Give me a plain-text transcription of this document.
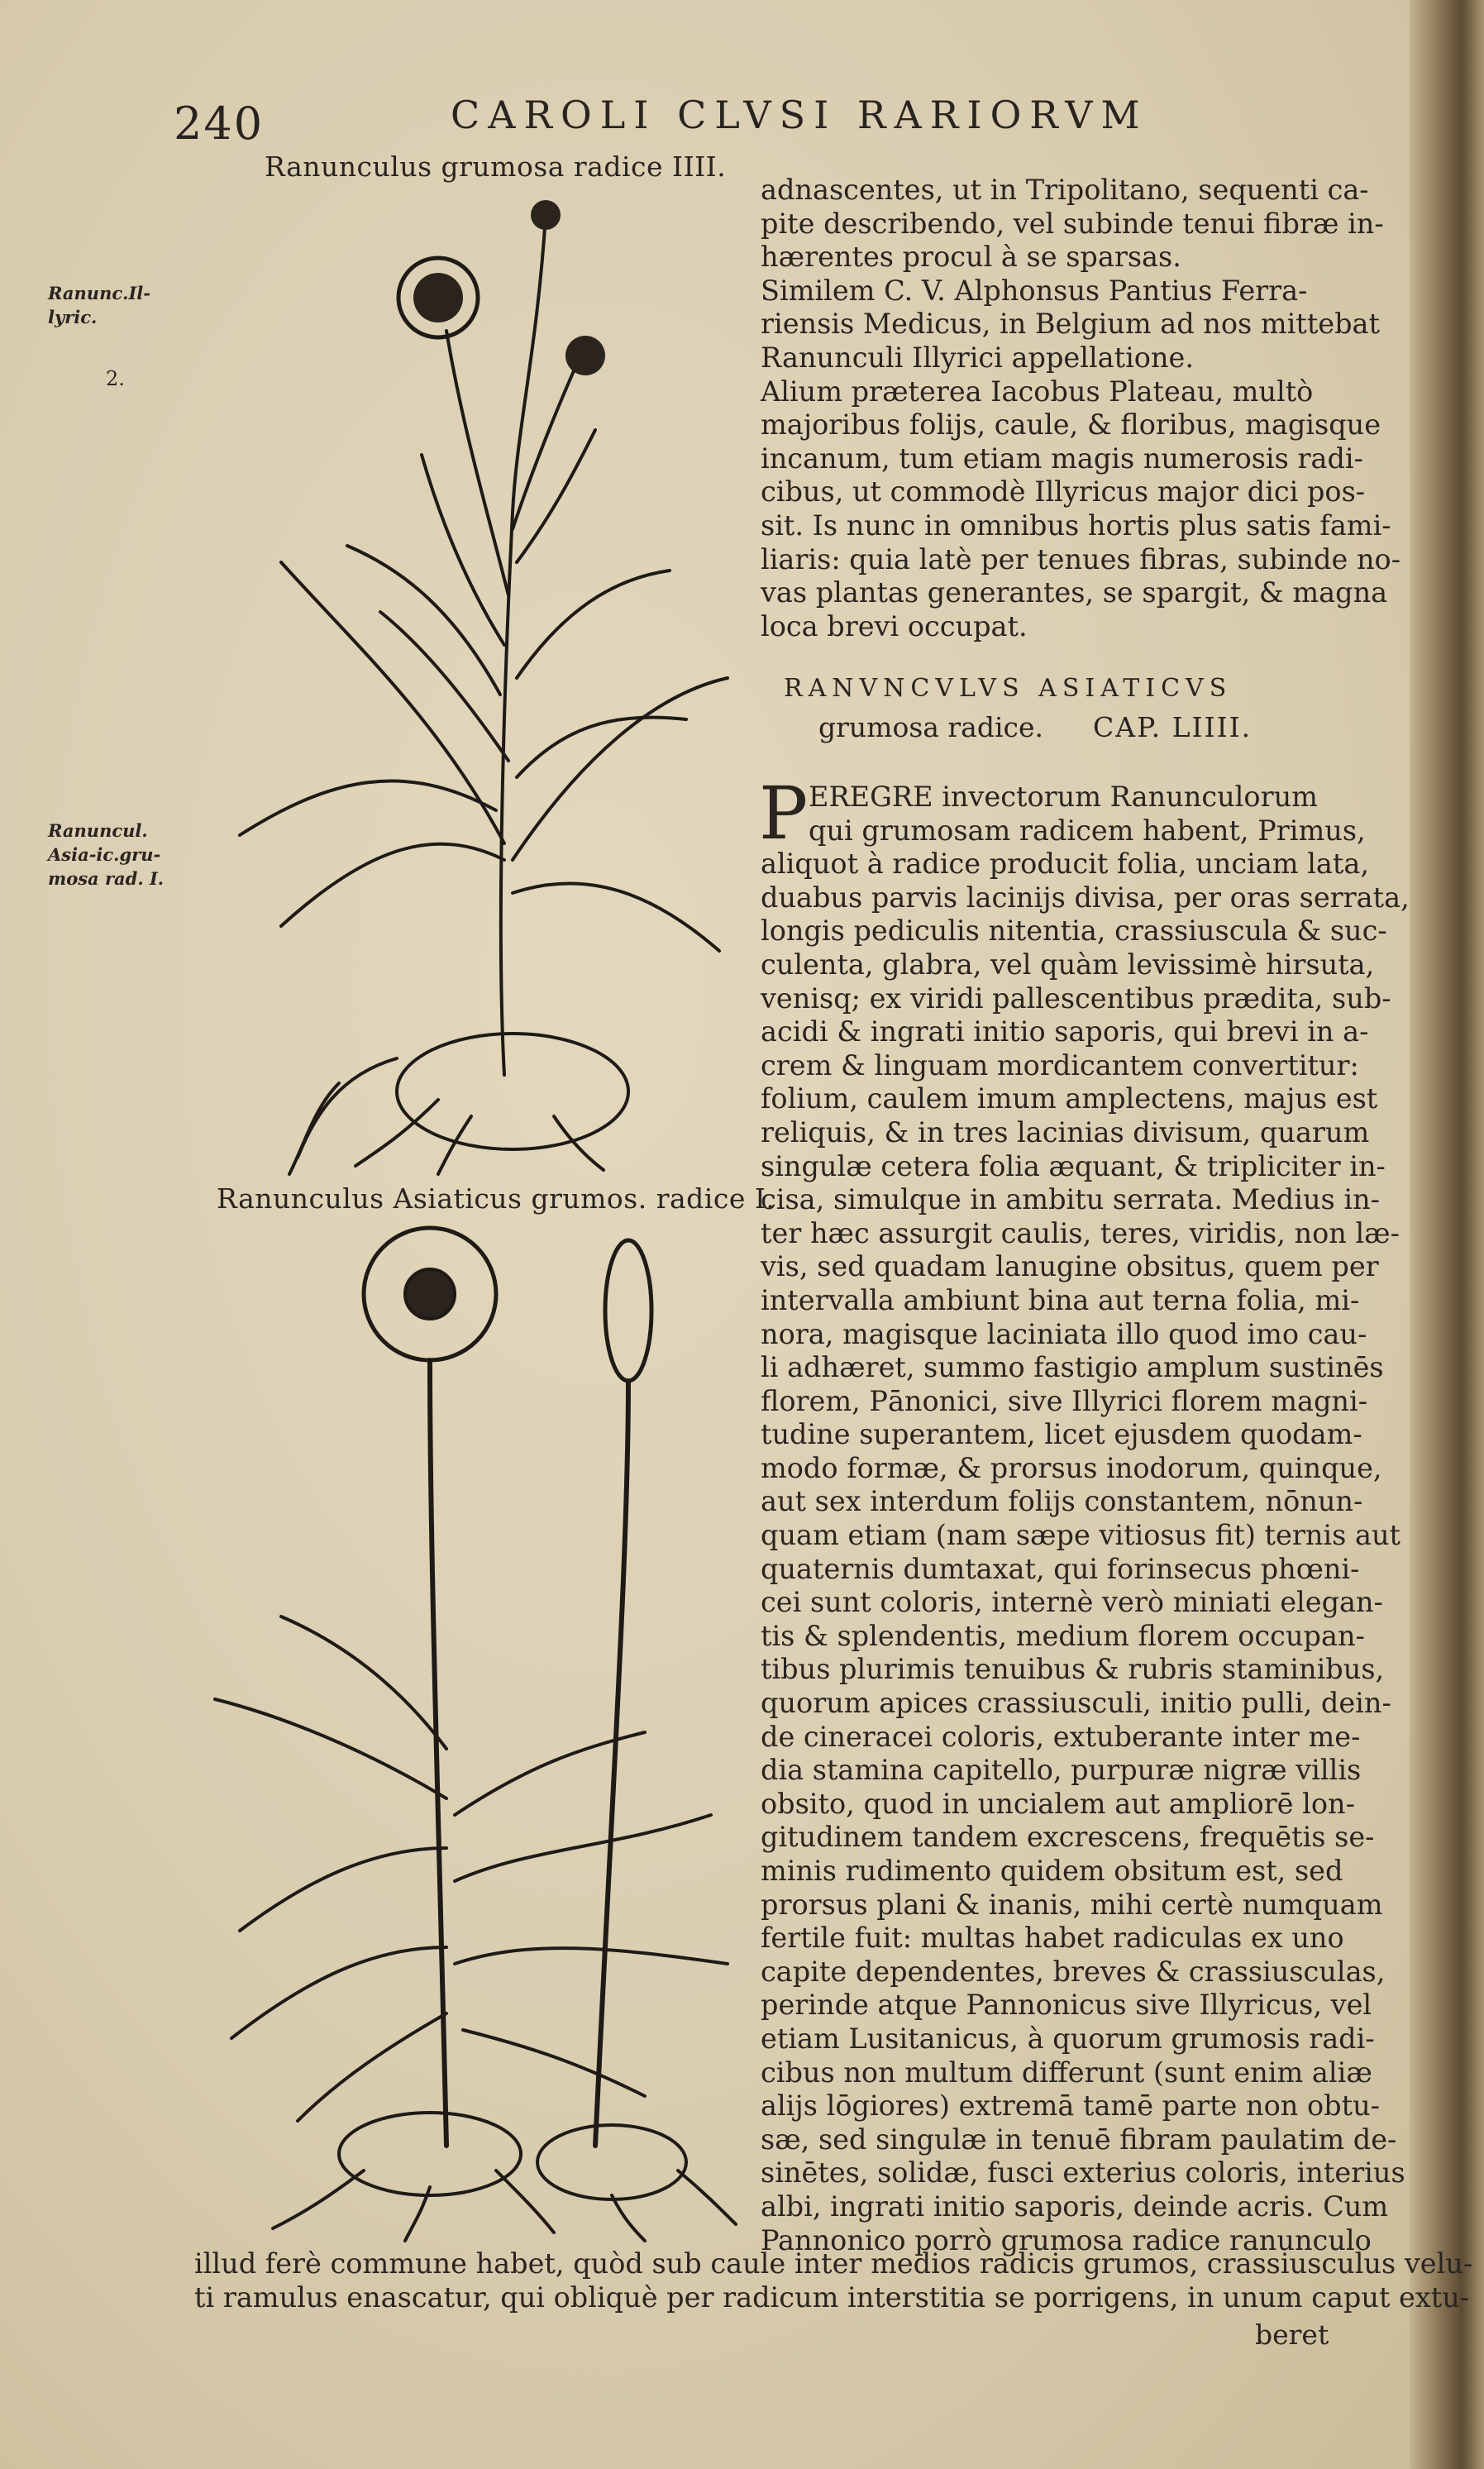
240	CAROLI CLVSI RARIORVM
Ranunculus grumosa radice IIII.
Ranunc.Il-
lyric.
2.
Ranuncul.
Asia-ic.gru-
mosa rad. I.
adnascentes, ut in Tripolitano, sequenti ca-
pite describendo, vel subinde tenui fibræ in-
hærentes procul à se sparsas.
Similem C. V. Alphonsus Pantius Ferra-
riensis Medicus, in Belgium ad nos mittebat
Ranunculi Illyrici appellatione.
Alium præterea Iacobus Plateau, multò
majoribus folijs, caule, & floribus, magisque
incanum, tum etiam magis numerosis radi-
cibus, ut commodè Illyricus major dici pos-
sit. Is nunc in omnibus hortis plus satis fami-
liaris: quia latè per tenues fibras, subinde no-
vas plantas generantes, se spargit, & magna
loca brevi occupat.
RANVNCVLVS ASIATICVS
grumosa radice. CAP. LIIII.
P EREGRE invectorum Ranunculorum
qui grumosam radicem habent, Primus,
aliquot à radice producit folia, unciam lata,
duabus parvis lacinijs divisa, per oras serrata,
longis pediculis nitentia, crassiuscula & suc-
culenta, glabra, vel quàm levissimè hirsuta,
venisq; ex viridi pallescentibus prædita, sub-
acidi & ingrati initio saporis, qui brevi in a-
crem & linguam mordicantem convertitur:
folium, caulem imum amplectens, majus est
reliquis, & in tres lacinias divisum, quarum
singulæ cetera folia æquant, & tripliciter in-
cisa, simulque in ambitu serrata. Medius in-
ter hæc assurgit caulis, teres, viridis, non læ-
vis, sed quadam lanugine obsitus, quem per
intervalla ambiunt bina aut terna folia, mi-
nora, magisque laciniata illo quod imo cau-
li adhæret, summo fastigio amplum sustinēs
florem, Pānonici, sive Illyrici florem magni-
tudine superantem, licet ejusdem quodam-
modo formæ, & prorsus inodorum, quinque,
aut sex interdum folijs constantem, nōnun-
quam etiam (nam sæpe vitiosus fit) ternis aut
quaternis dumtaxat, qui forinsecus phœni-
cei sunt coloris, internè verò miniati elegan-
tis & splendentis, medium florem occupan-
tibus plurimis tenuibus & rubris staminibus,
quorum apices crassiusculi, initio pulli, dein-
de cineracei coloris, extuberante inter me-
dia stamina capitello, purpuræ nigræ villis
obsito, quod in uncialem aut ampliorē lon-
gitudinem tandem excrescens, frequētis se-
minis rudimento quidem obsitum est, sed
prorsus plani & inanis, mihi certè numquam
fertile fuit: multas habet radiculas ex uno
capite dependentes, breves & crassiusculas,
perinde atque Pannonicus sive Illyricus, vel
etiam Lusitanicus, à quorum grumosis radi-
cibus non multum differunt (sunt enim aliæ
alijs lōgiores) extremā tamē parte non obtu-
sæ, sed singulæ in tenuē fibram paulatim de-
sinētes, solidæ, fusci exterius coloris, interius
albi, ingrati initio saporis, deinde acris. Cum
Pannonico porrò grumosa radice ranunculo
Ranunculus Asiaticus grumos. radice I.
illud ferè commune habet, quòd sub caule inter medios radicis grumos, crassiusculus velu-
ti ramulus enascatur, qui obliquè per radicum interstitia se porrigens, in unum caput extu-
beret
